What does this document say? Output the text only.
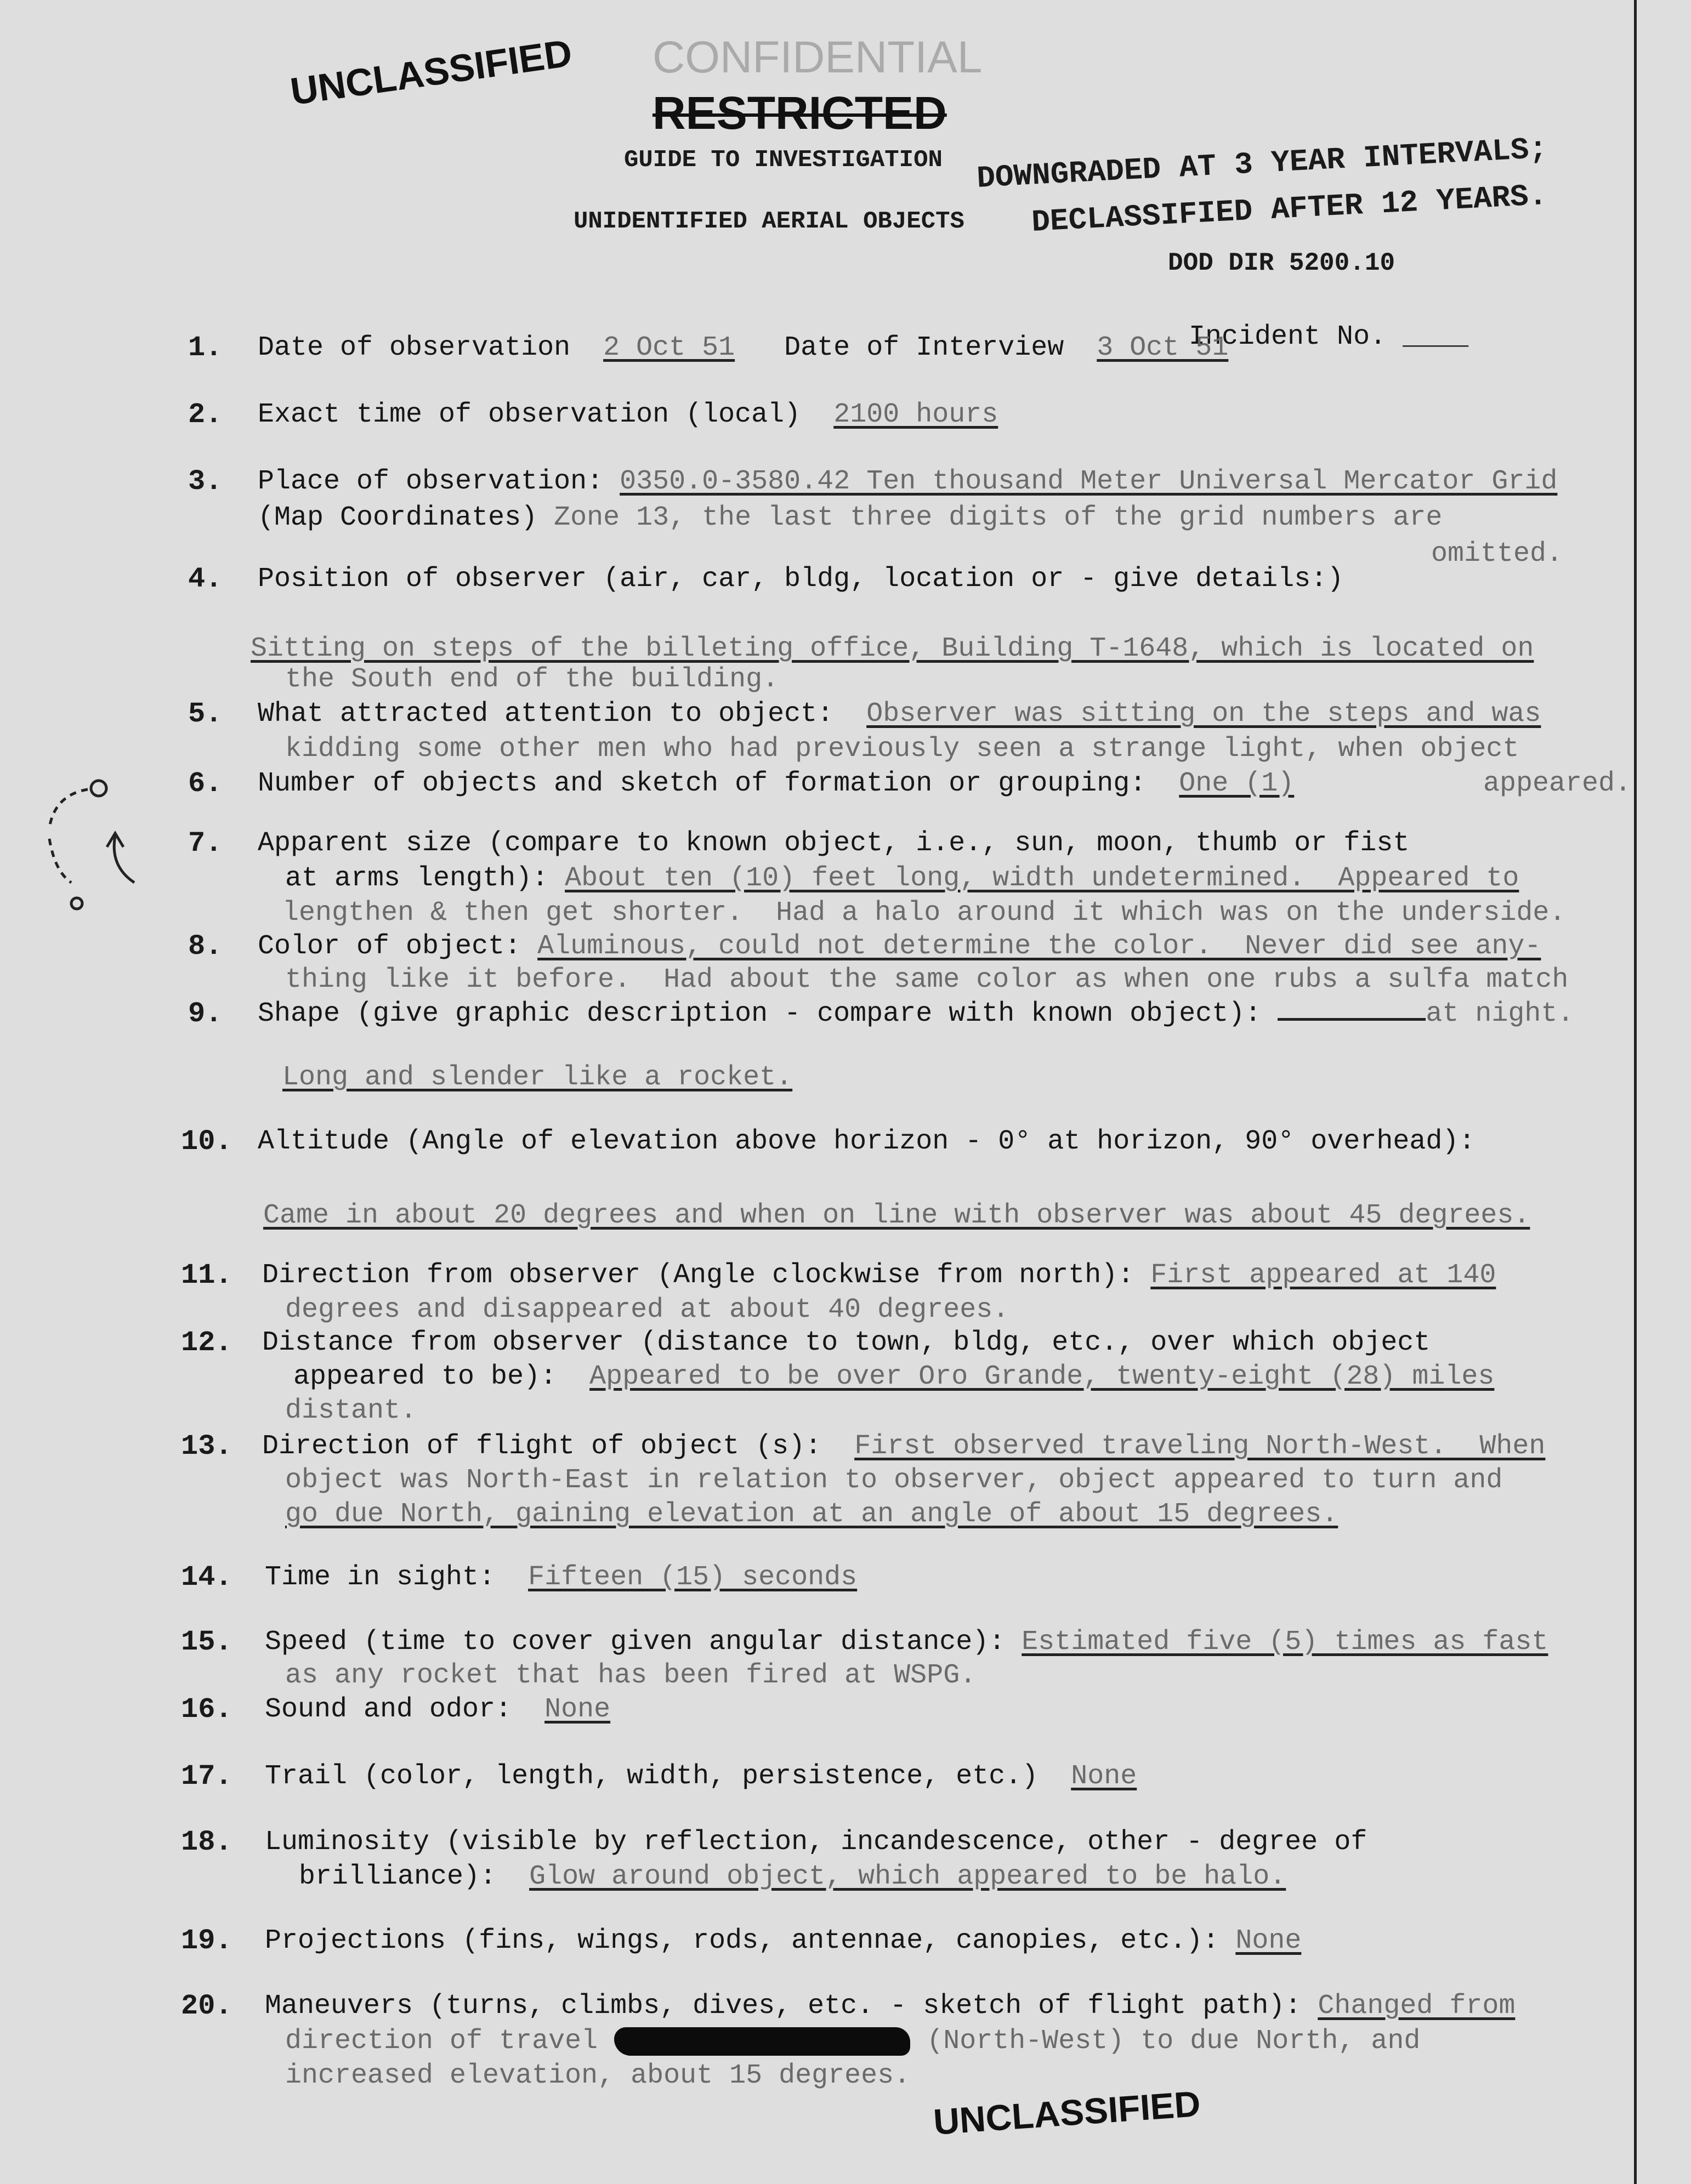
UNCLASSIFIED CONFIDENTIAL
RESTRICTED
GUIDE TO INVESTIGATION DOWNGRADED AT 3 YEAR INTERVALS;
UNIDENTIFIED AERIAL OBJECTS DECLASSIFIED AFTER 12 YEARS.
DOD DIR 5200.10

Incident No. ____

1. Date of observation 2 Oct 51 Date of Interview 3 Oct 51
2. Exact time of observation (local) 2100 hours
3. Place of observation: 0350.0-3580.42 Ten thousand Meter Universal Mercator Grid
(Map Coordinates) Zone 13, the last three digits of the grid numbers are
omitted.
4. Position of observer (air, car, bldg, location or - give details:)
Sitting on steps of the billeting office, Building T-1648, which is located on
the South end of the building.
5. What attracted attention to object: Observer was sitting on the steps and was
kidding some other men who had previously seen a strange light, when object
appeared.
6. Number of objects and sketch of formation or grouping: One (1)
7. Apparent size (compare to known object, i.e., sun, moon, thumb or fist
at arms length): About ten (10) feet long, width undetermined.  Appeared to
lengthen & then get shorter.  Had a halo around it which was on the underside.
8. Color of object: Aluminous, could not determine the color.  Never did see any-
thing like it before.  Had about the same color as when one rubs a sulfa match
9. Shape (give graphic description - compare with known object):	at night.
Long and slender like a rocket.
10. Altitude (Angle of elevation above horizon - 0° at horizon, 90° overhead):
Came in about 20 degrees and when on line with observer was about 45 degrees.
11. Direction from observer (Angle clockwise from north): First appeared at 140
degrees and disappeared at about 40 degrees.
12. Distance from observer (distance to town, bldg, etc., over which object
appeared to be): Appeared to be over Oro Grande, twenty-eight (28) miles
distant.
13. Direction of flight of object (s): First observed traveling North-West.  When
object was North-East in relation to observer, object appeared to turn and
go due North, gaining elevation at an angle of about 15 degrees.
14. Time in sight: Fifteen (15) seconds
15. Speed (time to cover given angular distance): Estimated five (5) times as fast
as any rocket that has been fired at WSPG.
16. Sound and odor: None
17. Trail (color, length, width, persistence, etc.) None
18. Luminosity (visible by reflection, incandescence, other - degree of
brilliance): Glow around object, which appeared to be halo.
19. Projections (fins, wings, rods, antennae, canopies, etc.): None
20. Maneuvers (turns, climbs, dives, etc. - sketch of flight path): Changed from
direction of travel	(North-West) to due North, and
increased elevation, about 15 degrees.
UNCLASSIFIED
